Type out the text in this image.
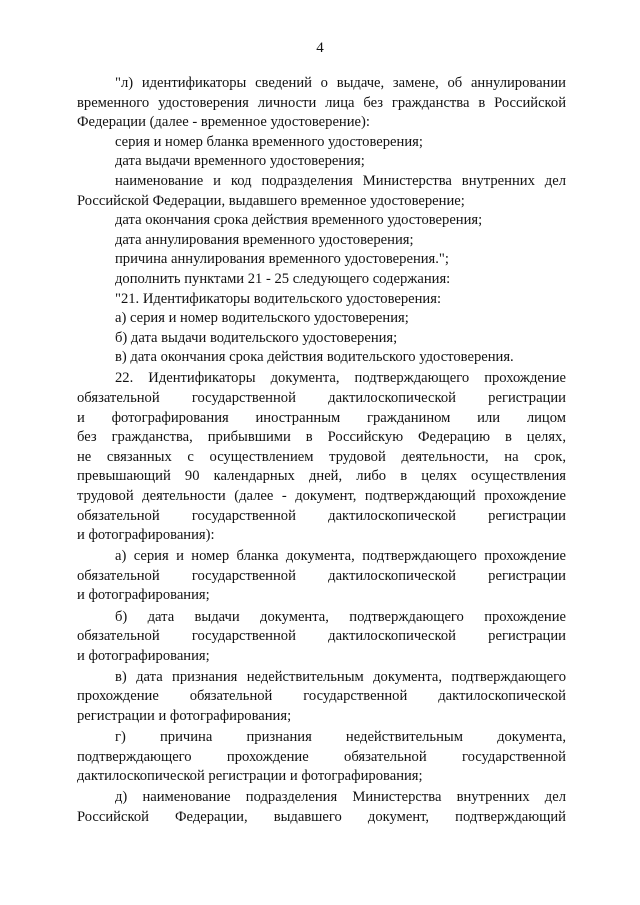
4
"л) идентификаторы сведений о выдаче, замене, об аннулировании
временного удостоверения личности лица без гражданства в Российской
Федерации (далее - временное удостоверение):
серия и номер бланка временного удостоверения;
дата выдачи временного удостоверения;
наименование и код подразделения Министерства внутренних дел
Российской Федерации, выдавшего временное удостоверение;
дата окончания срока действия временного удостоверения;
дата аннулирования временного удостоверения;
причина аннулирования временного удостоверения.";
дополнить пунктами 21 - 25 следующего содержания:
"21. Идентификаторы водительского удостоверения:
а) серия и номер водительского удостоверения;
б) дата выдачи водительского удостоверения;
в) дата окончания срока действия водительского удостоверения.
22. Идентификаторы документа, подтверждающего прохождение
обязательной государственной дактилоскопической регистрации
и фотографирования иностранным гражданином или лицом
без гражданства, прибывшими в Российскую Федерацию в целях,
не связанных с осуществлением трудовой деятельности, на срок,
превышающий 90 календарных дней, либо в целях осуществления
трудовой деятельности (далее - документ, подтверждающий прохождение
обязательной государственной дактилоскопической регистрации
и фотографирования):
а) серия и номер бланка документа, подтверждающего прохождение
обязательной государственной дактилоскопической регистрации
и фотографирования;
б) дата выдачи документа, подтверждающего прохождение
обязательной государственной дактилоскопической регистрации
и фотографирования;
в) дата признания недействительным документа, подтверждающего
прохождение обязательной государственной дактилоскопической
регистрации и фотографирования;
г) причина признания недействительным документа,
подтверждающего прохождение обязательной государственной
дактилоскопической регистрации и фотографирования;
д) наименование подразделения Министерства внутренних дел
Российской Федерации, выдавшего документ, подтверждающий
